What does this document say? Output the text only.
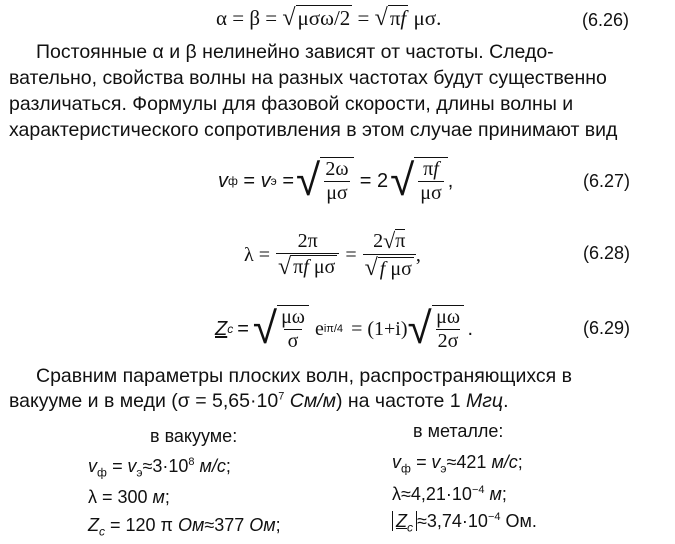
α = β = √μσω/2 = √πf μσ.	(6.26)
Постоянные α и β нелинейно зависят от частоты. Следо-
вательно, свойства волны на разных частотах будут существенно
различаться. Формулы для фазовой скорости, длины волны и
характеристического сопротивления в этом случае принимают вид
v ф = v э = √ $\frac{2\omega}{\mu\sigma} = 2$ √ $\frac{\pi f}{\mu\sigma}$ ,	(6.27)
$\lambda = \frac{2\pi}{\text{√ πf μσ}} = \frac{2 √ \pi}{\text{√ f μσ}}$ ,	(6.28)
Z c = √ $\frac{\mu\omega}{\sigma}$ e iπ/4 = (1+i) √ $\frac{\mu\omega}{2\sigma}$ .	(6.29)
Сравним параметры плоских волн, распространяющихся в
вакууме и в меди ($\sigma = 5,65\cdot 10^7$ См/м) на частоте 1 Мгц.
в вакууме:
$v_ф = v_э\approx 3\cdot 10^8$ м/с;
λ = 300 м;
$Z_c = 120$ π Ом≈377 Ом;
в металле:
$v_ф = v_э\approx 421$ м/с;
$\lambda\approx 4,21\cdot 10^{-4}$ м;
$Z_c \approx 3,74\cdot 10^{-4}$ Ом.
